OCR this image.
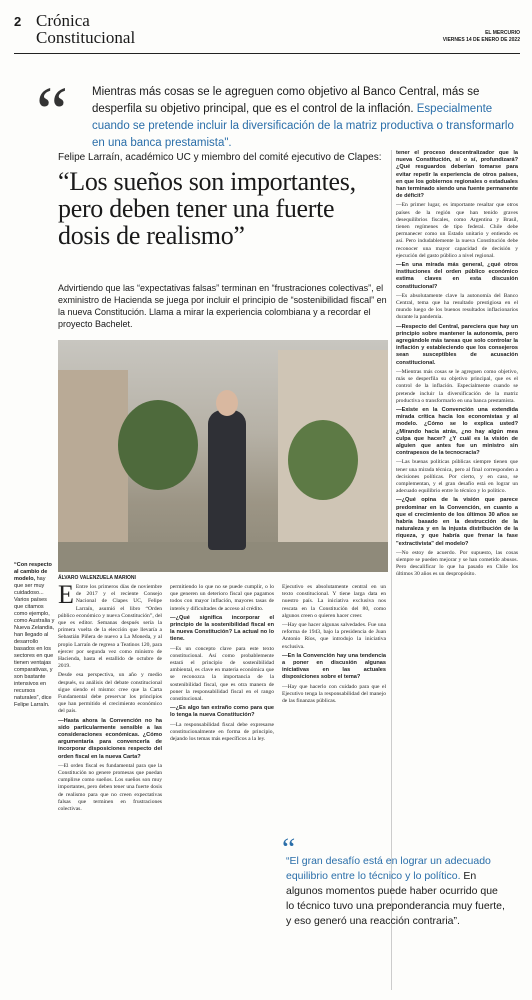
2 Crónica
Constitucional	EL MERCURIO
VIERNES 14 DE ENERO DE 2022
“ Mientras más cosas se le agreguen como objetivo al Banco Central, más se desperfila su objetivo principal, que es el control de la inflación. Especialmente cuando se pretende incluir la diversificación de la matriz productiva o transformarlo en una banca prestamista".
Felipe Larraín, académico UC y miembro del comité ejecutivo de Clapes:
“Los sueños son importantes, pero deben tener una fuerte dosis de realismo”
Advirtiendo que las “expectativas falsas” terminan en “frustraciones colectivas”, el exministro de Hacienda se juega por incluir el principio de “sostenibilidad fiscal” en la nueva Constitución. Llama a mirar la experiencia colombiana y a recordar el proyecto Bachelet.
ÁLVARO VALENZUELA MARIONI
“Con respecto al cambio de modelo, hay que ser muy cuidadoso... Varios países que citamos como ejemplo, como Australia y Nueva Zelandia, han llegado al desarrollo basados en los sectores en que tienen ventajas comparativas, y son bastante intensivos en recursos naturales”, dice Felipe Larraín.
E Entre los primeros días de noviembre de 2017 y el reciente Consejo Nacional de Clapes UC, Felipe Larraín, asumió el libro “Orden público económico y nueva Constitución”, del que es editor. Semanas después sería la primera vuelta de la elección que llevaría a Sebastián Piñera de nuevo a La Moneda, y al propio Larraín de regreso a Teatinos 120, para ejercer por segunda vez como ministro de Hacienda, hasta el estallido de octubre de 2019.

Desde esa perspectiva, un año y medio después, su análisis del debate constitucional sigue siendo el mismo: cree que la Carta Fundamental debe preservar los principios que han permitido el crecimiento económico del país.

—Hasta ahora la Convención no ha sido particularmente sensible a las consideraciones económicas. ¿Cómo argumentaría para convencerla de incorporar disposiciones respecto del orden fiscal en la nueva Carta?

—El orden fiscal es fundamental para que la Constitución no genere promesas que puedan cumplirse como sueños. Los sueños son muy importantes, pero deben tener una fuerte dosis de realismo para que no creen expectativas falsas que terminen en frustraciones colectivas.

permitiendo lo que no se puede cumplir, o lo que generen un deterioro fiscal que pagamos todos con mayor inflación, mayores tasas de interés y dificultades de acceso al crédito.

—¿Qué significa incorporar el principio de la sostenibilidad fiscal en la nueva Constitución? La actual no lo tiene.

—Es un concepto clave para este texto constitucional. Así como probablemente estará el principio de sostenibilidad ambiental, es clave en materia económica que se reconozca la importancia de la sostenibilidad fiscal, que es otra manera de poner la responsabilidad fiscal en el rango constitucional.

—¿Es algo tan extraño como para que lo tenga la nueva Constitución?

—La responsabilidad fiscal debe expresarse constitucionalmente en forma de principio, dejando los temas más específicos a la ley.

Ejecutivo es absolutamente central en un texto constitucional. Y tiene larga data en nuestro país. La iniciativa exclusiva nos rescata en la Constitución del 80, como algunos creen o quieren hacer creer.

—Hay que hacer algunas salvedades. Fue una reforma de 1943, bajo la presidencia de Juan Antonio Ríos, que introdujo la iniciativa exclusiva.

—En la Convención hay una tendencia a poner en discusión algunas iniciativas en las actuales disposiciones sobre el tema?

—Hay que hacerlo con cuidado para que el Ejecutivo tenga la responsabilidad del manejo de las finanzas públicas.

tener el proceso descentralizador que la nueva Constitución, sí o sí, profundizará? ¿Qué resguardos deberían tomarse para evitar repetir la experiencia de otros países, en que los gobiernos regionales o estaduales han terminado siendo una fuente permanente de déficit?

—En primer lugar, es importante resaltar que otros países de la región que han tenido graves desequilibrios fiscales, como Argentina y Brasil, tienen regímenes de tipo federal. Chile debe permanecer como un Estado unitario y entiendo es así. Pero indudablemente la nueva Constitución debe reconocer una mayor capacidad de decisión y ejecución del gasto público a nivel regional.

—En una mirada más general, ¿qué otros instituciones del orden público económico estima claves en esta discusión constitucional?

—Es absolutamente clave la autonomía del Banco Central, tema que ha resultado prestigiosa en el mundo luego de los buenos resultados inflacionarios durante la pandemia.

—Respecto del Central, pareciera que hay un principio sobre mantener la autonomía, pero agregándole más tareas que solo controlar la inflación y estableciendo que los consejeros sean susceptibles de acusación constitucional.

—Mientras más cosas se le agreguen como objetivo, más se desperfila su objetivo principal, que es el control de la inflación. Especialmente cuando se pretende incluir la diversificación de la matriz productiva o transformarlo en una banca prestamista.

—Existe en la Convención una extendida mirada crítica hacia los economistas y al modelo. ¿Cómo se lo explica usted? ¿Mirando hacia atrás, ¿no hay algún mea culpa que hacer? ¿Y cuál es la visión de alguien que antes fue un ministro sin contrapesos de la tecnocracia?

—Las buenas políticas públicas siempre tienen que tener una mirada técnica, pero al final corresponden a decisiones políticas. Por cierto, y en caso, se complementan, y el gran desafío está en lograr un adecuado equilibrio entre lo técnico y lo político.

—¿Qué opina de la visión que parece predominar en la Convención, en cuanto a que el crecimiento de los últimos 30 años se habría basado en la destrucción de la naturaleza y en la injusta distribución de la riqueza, y que habría que frenar la fase "extractivista" del modelo?

—No estoy de acuerdo. Por supuesto, las cosas siempre se pueden mejorar y se han cometido abusos. Pero descalificar lo que ha pasado en Chile los últimos 30 años es un despropósito.

“
“El gran desafío está en lograr un adecuado equilibrio entre lo técnico y lo político. En algunos momentos puede haber ocurrido que lo técnico tuvo una preponderancia muy fuerte, y eso generó una reacción contraria”.
